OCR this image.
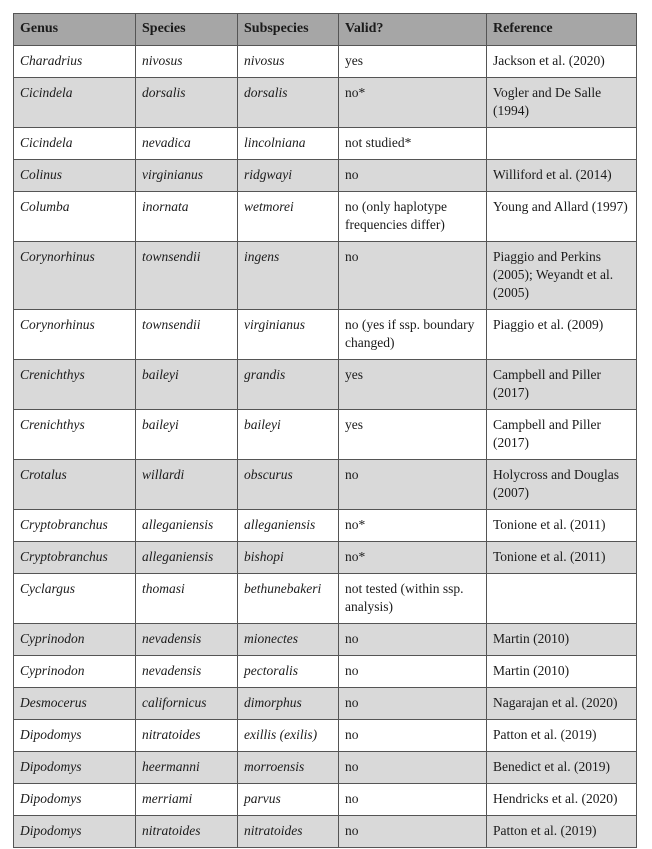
Genus	Species	Subspecies	Valid?	Reference
Charadrius	nivosus	nivosus	yes	Jackson et al. (2020)
Cicindela	dorsalis	dorsalis	no*	Vogler and De Salle (1994)
Cicindela	nevadica	lincolniana	not studied*	
Colinus	virginianus	ridgwayi	no	Williford et al. (2014)
Columba	inornata	wetmorei	no (only haplotype frequencies differ)	Young and Allard (1997)
Corynorhinus	townsendii	ingens	no	Piaggio and Perkins (2005); Weyandt et al. (2005)
Corynorhinus	townsendii	virginianus	no (yes if ssp. boundary changed)	Piaggio et al. (2009)
Crenichthys	baileyi	grandis	yes	Campbell and Piller (2017)
Crenichthys	baileyi	baileyi	yes	Campbell and Piller (2017)
Crotalus	willardi	obscurus	no	Holycross and Douglas (2007)
Cryptobranchus	alleganiensis	alleganiensis	no*	Tonione et al. (2011)
Cryptobranchus	alleganiensis	bishopi	no*	Tonione et al. (2011)
Cyclargus	thomasi	bethunebakeri	not tested (within ssp. analysis)	
Cyprinodon	nevadensis	mionectes	no	Martin (2010)
Cyprinodon	nevadensis	pectoralis	no	Martin (2010)
Desmocerus	californicus	dimorphus	no	Nagarajan et al. (2020)
Dipodomys	nitratoides	exillis (exilis)	no	Patton et al. (2019)
Dipodomys	heermanni	morroensis	no	Benedict et al. (2019)
Dipodomys	merriami	parvus	no	Hendricks et al. (2020)
Dipodomys	nitratoides	nitratoides	no	Patton et al. (2019)
